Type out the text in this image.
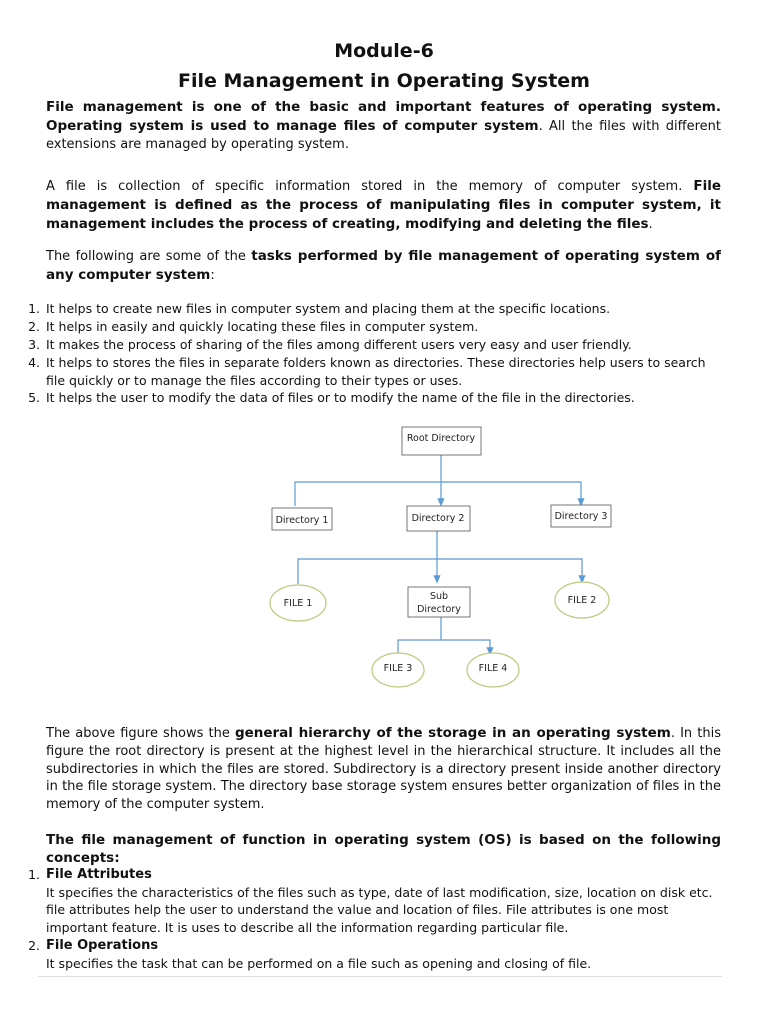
Module-6
File Management in Operating System
File management is one of the basic and important features of operating system. Operating system is used to manage files of computer system. All the files with different extensions are managed by operating system.
A file is collection of specific information stored in the memory of computer system. File management is defined as the process of manipulating files in computer system, it management includes the process of creating, modifying and deleting the files.
The following are some of the tasks performed by file management of operating system of any computer system:
1. It helps to create new files in computer system and placing them at the specific locations.
2. It helps in easily and quickly locating these files in computer system.
3. It makes the process of sharing of the files among different users very easy and user friendly.
4. It helps to stores the files in separate folders known as directories. These directories help users to search file quickly or to manage the files according to their types or uses.
5. It helps the user to modify the data of files or to modify the name of the file in the directories.
Root Directory
Directory 1	Directory 2	Directory 3
Sub
Directory
FILE 1	FILE 2
FILE 3	FILE 4
The above figure shows the general hierarchy of the storage in an operating system. In this figure the root directory is present at the highest level in the hierarchical structure. It includes all the subdirectories in which the files are stored. Subdirectory is a directory present inside another directory in the file storage system. The directory base storage system ensures better organization of files in the memory of the computer system.
The file management of function in operating system (OS) is based on the following concepts:
1. File Attributes
It specifies the characteristics of the files such as type, date of last modification, size, location on disk etc. file attributes help the user to understand the value and location of files. File attributes is one most important feature. It is uses to describe all the information regarding particular file.
2. File Operations
It specifies the task that can be performed on a file such as opening and closing of file.
